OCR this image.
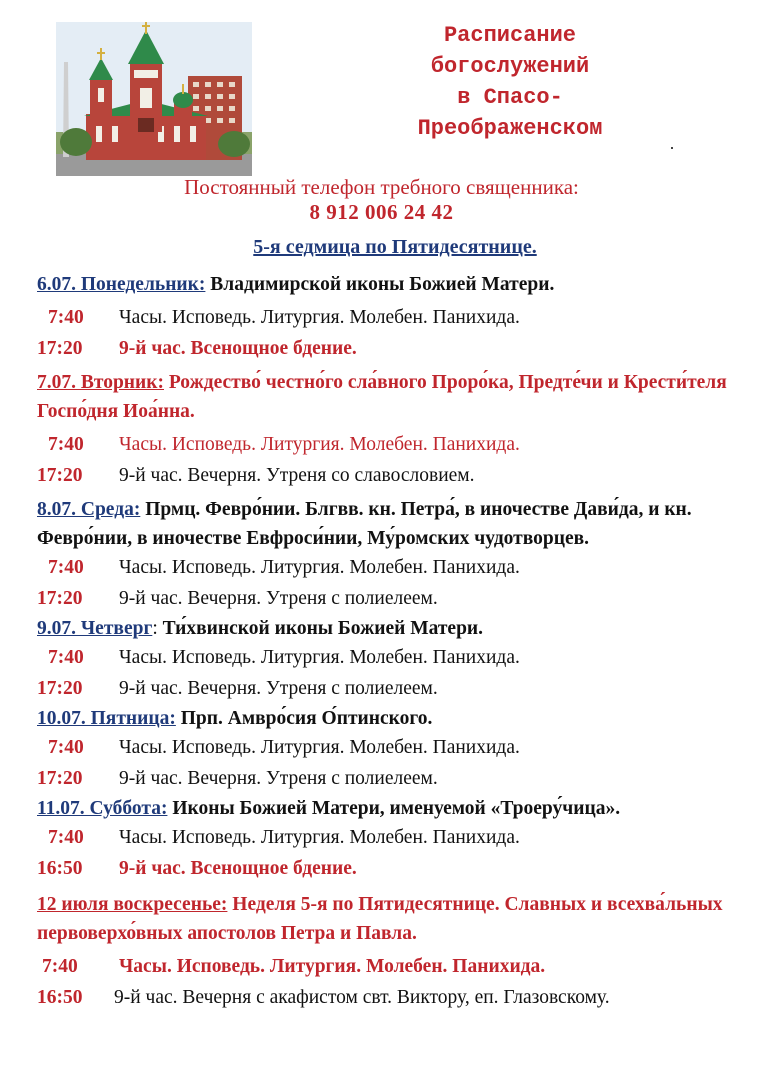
Расписание
богослужений
в Спасо-
Преображенском
Постоянный телефон требного священника:
8 912 006 24 42
5-я седмица по Пятидесятнице.
6.07. Понедельник: Владимирской иконы Божией Матери.
7:40	Часы. Исповедь. Литургия. Молебен. Панихида.
17:20	9-й час. Всенощное бдение.
7.07. Вторник: Рождество́ честно́го сла́вного Проро́ка, Предте́чи и Крести́теля Госпо́дня Иоа́нна.
7:40	Часы. Исповедь. Литургия. Молебен. Панихида.
17:20	9-й час. Вечерня. Утреня со славословием.
8.07. Среда: Прмц. Февро́нии. Блгвв. кн. Петра́, в иночестве Дави́да, и кн. Февро́нии, в иночестве Евфроси́нии, Му́ромских чудотворцев.
7:40	Часы. Исповедь. Литургия. Молебен. Панихида.
17:20	9-й час. Вечерня. Утреня с полиелеем.
9.07. Четверг: Ти́хвинской иконы Божией Матери.
7:40	Часы. Исповедь. Литургия. Молебен. Панихида.
17:20	9-й час. Вечерня. Утреня с полиелеем.
10.07. Пятница: Прп. Амвро́сия О́птинского.
7:40	Часы. Исповедь. Литургия. Молебен. Панихида.
17:20	9-й час. Вечерня. Утреня с полиелеем.
11.07. Суббота: Иконы Божией Матери, именуемой «Троеру́чица».
7:40	Часы. Исповедь. Литургия. Молебен. Панихида.
16:50	9-й час. Всенощное бдение.
12 июля воскресенье: Неделя 5-я по Пятидесятнице. Славных и всехва́льных первоверхо́вных апостолов Петра и Павла.
7:40	Часы. Исповедь. Литургия. Молебен. Панихида.
16:50	9-й час. Вечерня с акафистом свт. Виктору, еп. Глазовскому.
